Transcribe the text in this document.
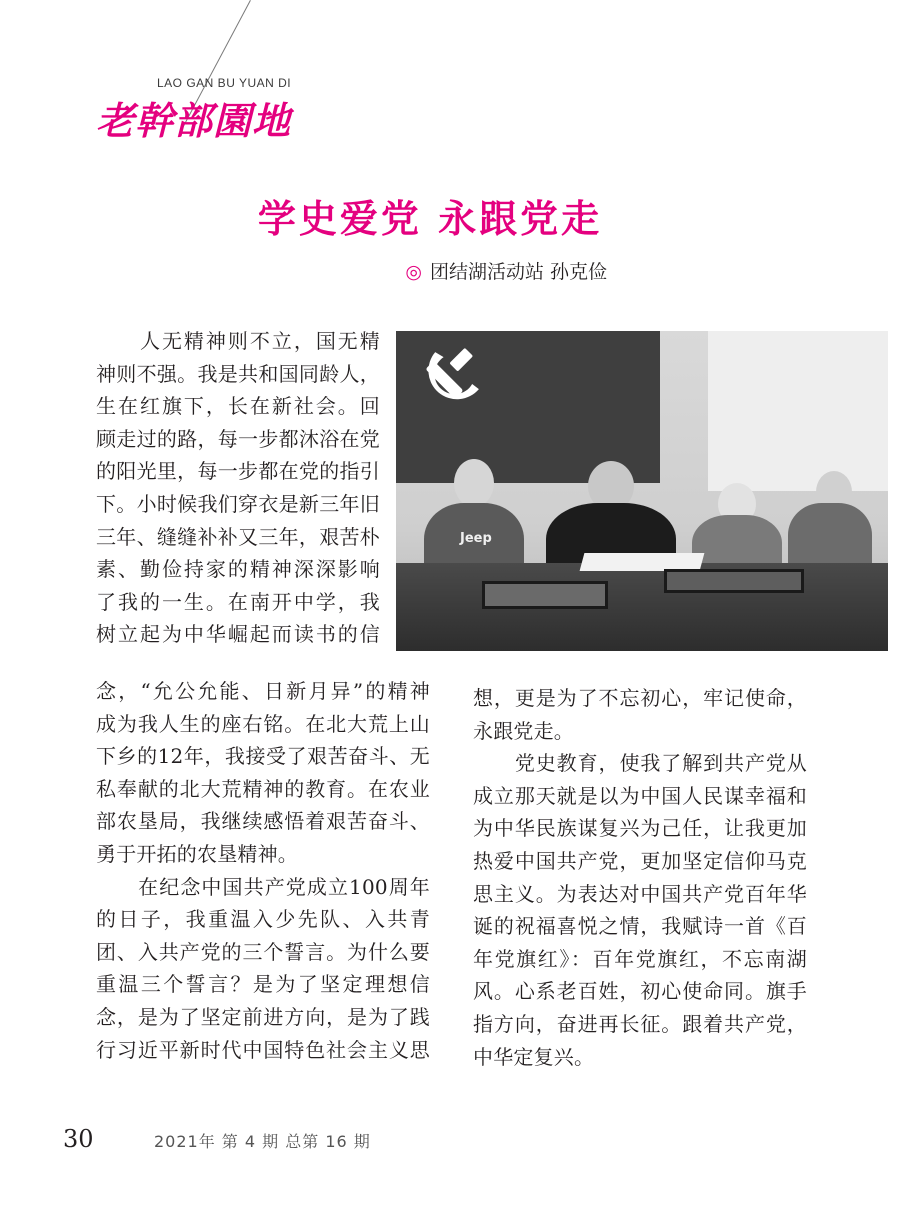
LAO GAN BU YUAN DI
老幹部園地
学史爱党 永跟党走
◎ 团结湖活动站 孙克俭
Jeep
　　人无精神则不立，国无精
神则不强。我是共和国同龄人，
生在红旗下，长在新社会。回
顾走过的路，每一步都沐浴在党
的阳光里，每一步都在党的指引
下。小时候我们穿衣是新三年旧
三年、缝缝补补又三年，艰苦朴
素、勤俭持家的精神深深影响
了我的一生。在南开中学，我
树立起为中华崛起而读书的信
念，“允公允能、日新月异”的精神
成为我人生的座右铭。在北大荒上山
下乡的12年，我接受了艰苦奋斗、无
私奉献的北大荒精神的教育。在农业
部农垦局，我继续感悟着艰苦奋斗、
勇于开拓的农垦精神。
　　在纪念中国共产党成立100周年
的日子，我重温入少先队、入共青
团、入共产党的三个誓言。为什么要
重温三个誓言？是为了坚定理想信
念，是为了坚定前进方向，是为了践
行习近平新时代中国特色社会主义思
想，更是为了不忘初心，牢记使命，
永跟党走。
　　党史教育，使我了解到共产党从
成立那天就是以为中国人民谋幸福和
为中华民族谋复兴为己任，让我更加
热爱中国共产党，更加坚定信仰马克
思主义。为表达对中国共产党百年华
诞的祝福喜悦之情，我赋诗一首《百
年党旗红》：百年党旗红，不忘南湖
风。心系老百姓，初心使命同。旗手
指方向，奋进再长征。跟着共产党，
中华定复兴。
30	2021年 第 4 期 总第 16 期
